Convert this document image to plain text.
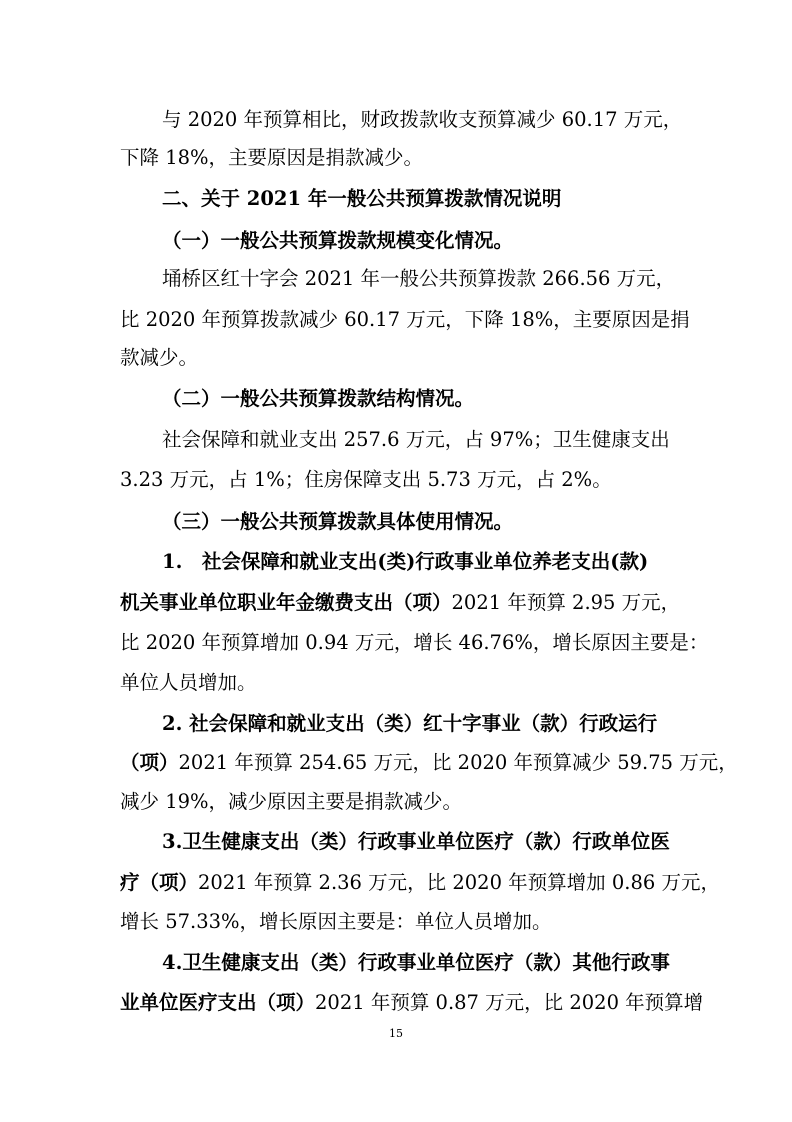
与 2020 年预算相比，财政拨款收支预算减少 60.17 万元，
下降 18%，主要原因是捐款减少。
二、关于 2021 年一般公共预算拨款情况说明
（一）一般公共预算拨款规模变化情况。
埇桥区红十字会 2021 年一般公共预算拨款 266.56 万元，
比 2020 年预算拨款减少 60.17 万元，下降 18%，主要原因是捐
款减少。
（二）一般公共预算拨款结构情况。
社会保障和就业支出 257.6 万元，占 97%；卫生健康支出
3.23 万元，占 1%；住房保障支出 5.73 万元，占 2%。
（三）一般公共预算拨款具体使用情况。
1.　社会保障和就业支出(类)行政事业单位养老支出(款)
机关事业单位职业年金缴费支出（项）2021 年预算 2.95 万元，
比 2020 年预算增加 0.94 万元，增长 46.76%，增长原因主要是：
单位人员增加。
2. 社会保障和就业支出（类）红十字事业（款）行政运行
（项）2021 年预算 254.65 万元，比 2020 年预算减少 59.75 万元，
减少 19%，减少原因主要是捐款减少。
3.卫生健康支出（类）行政事业单位医疗（款）行政单位医
疗（项）2021 年预算 2.36 万元，比 2020 年预算增加 0.86 万元，
增长 57.33%，增长原因主要是：单位人员增加。
4.卫生健康支出（类）行政事业单位医疗（款）其他行政事
业单位医疗支出（项）2021 年预算 0.87 万元，比 2020 年预算增
15
